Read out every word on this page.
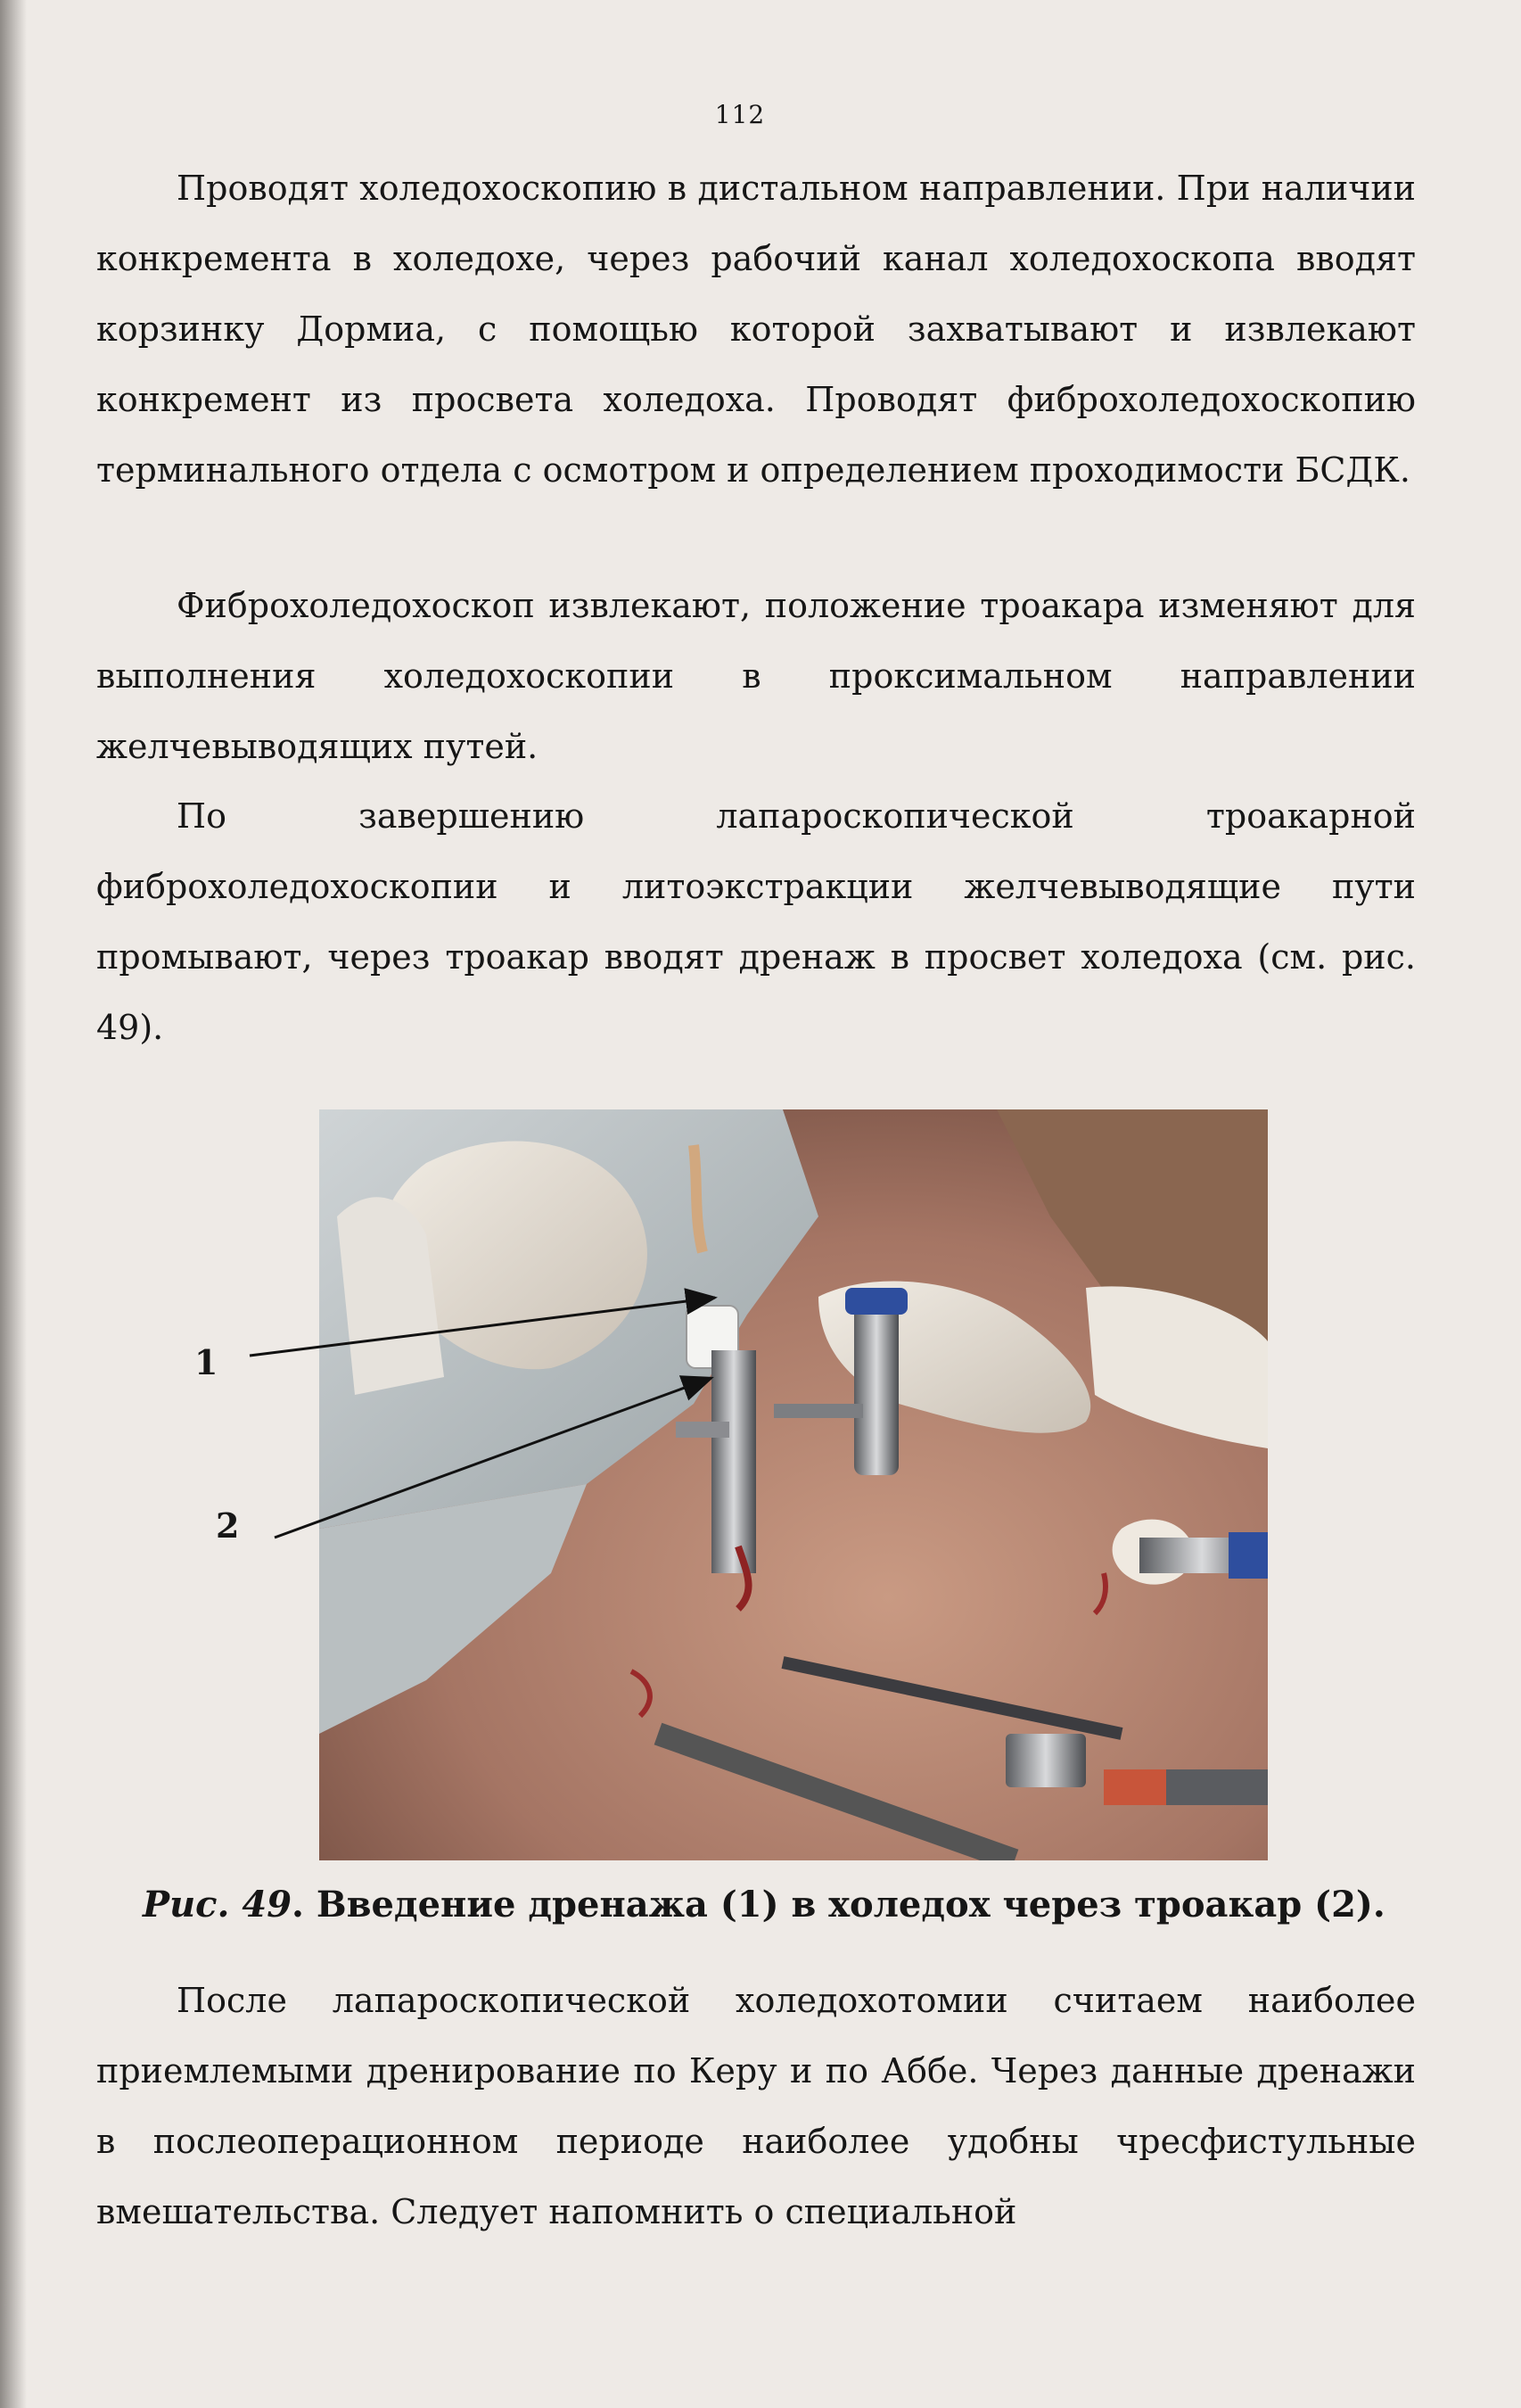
112

Проводят холедохоскопию в дистальном направлении. При наличии конкремента в холедохе, через рабочий канал холедохоскопа вводят корзинку Дормиа, с помощью которой захватывают и извлекают конкремент из просвета холедоха. Проводят фиброхоледохоскопию терминального отдела с осмотром и определением проходимости БСДК.

Фиброхоледохоскоп извлекают, положение троакара изменяют для выполнения холедохоскопии в проксимальном направлении желчевыводящих путей.

По завершению лапароскопической троакарной фиброхоледохоскопии и литоэкстракции желчевыводящие пути промывают, через троакар вводят дренаж в просвет холедоха (см. рис. 49).

1
2

Рис. 49. Введение дренажа (1) в холедох через троакар (2).

После лапароскопической холедохотомии считаем наиболее приемлемыми дренирование по Керу и по Аббе. Через данные дренажи в послеоперационном периоде наиболее удобны чресфистульные вмешательства. Следует напомнить о специальной
